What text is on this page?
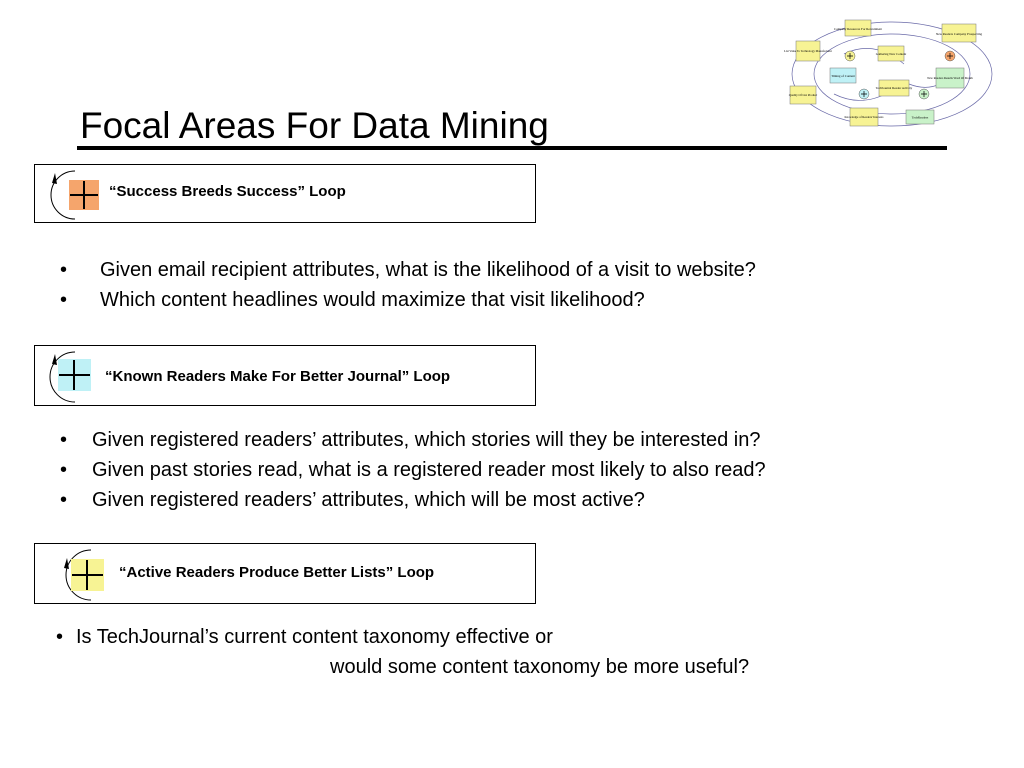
Focal Areas For Data Mining
Company Resources For Recruitment
New Readers Company Prospecting
List Value To Technology Manufacturer
Gathering New Content
Timing of Content	New Readers Results Word Of Mouth
TechJournal Reader Activity
Quality Of List Product
Knowledge of Readers' Interests	TechReaders
“Success Breeds Success” Loop
• Given email recipient attributes, what is the likelihood of a visit to website?
• Which content headlines would maximize that visit likelihood?
“Known Readers Make For Better Journal” Loop
• Given registered readers’ attributes, which stories will they be interested in?
• Given past stories read, what is a registered reader most likely to also read?
• Given registered readers’ attributes, which will be most active?
“Active Readers Produce Better Lists” Loop
• Is TechJournal’s current content taxonomy effective or
would some content taxonomy be more useful?
